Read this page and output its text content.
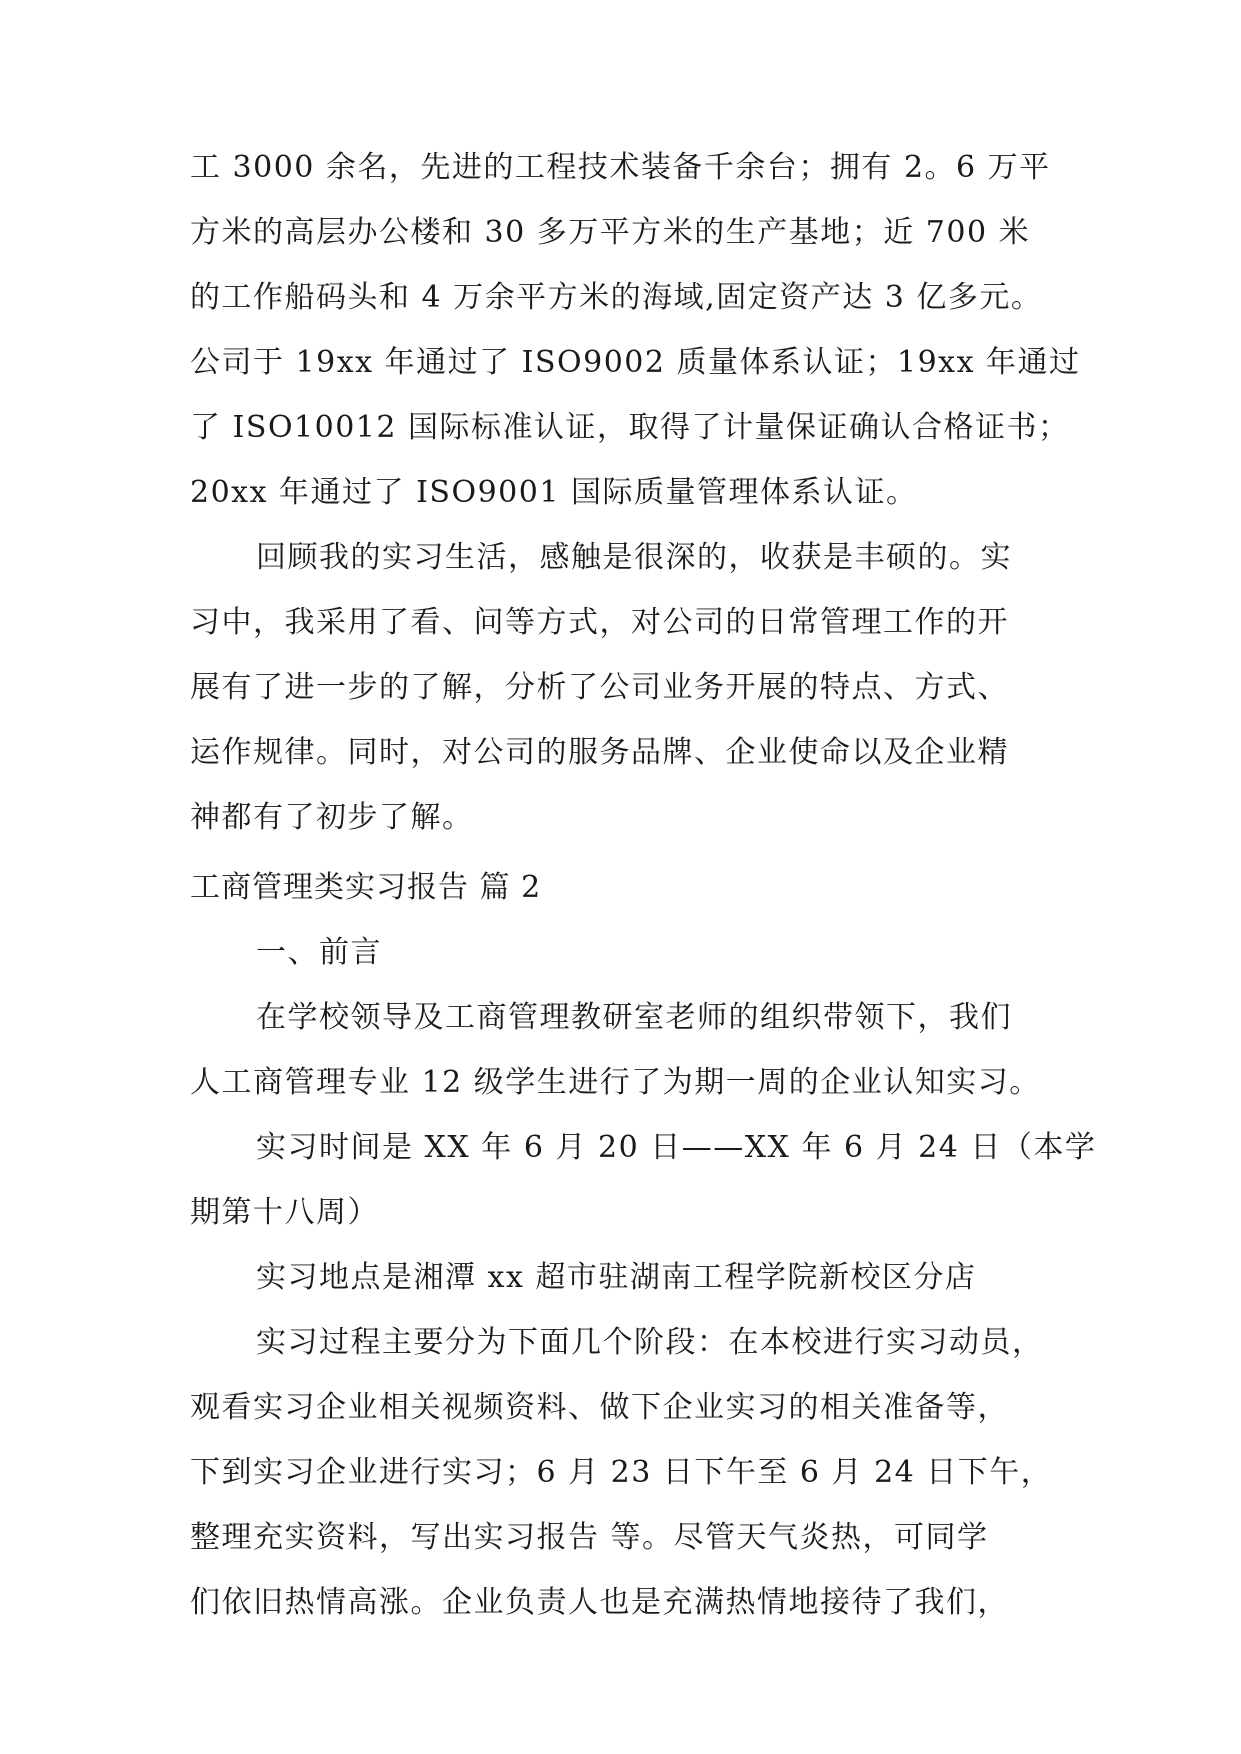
工 3000 余名，先进的工程技术装备千余台；拥有 2。6 万平
方米的高层办公楼和 30 多万平方米的生产基地；近 700 米
的工作船码头和 4 万余平方米的海域,固定资产达 3 亿多元。
公司于 19xx 年通过了 ISO9002 质量体系认证；19xx 年通过
了 ISO10012 国际标准认证，取得了计量保证确认合格证书；
20xx 年通过了 ISO9001 国际质量管理体系认证。
回顾我的实习生活，感触是很深的，收获是丰硕的。实
习中，我采用了看、问等方式，对公司的日常管理工作的开
展有了进一步的了解，分析了公司业务开展的特点、方式、
运作规律。同时，对公司的服务品牌、企业使命以及企业精
神都有了初步了解。
工商管理类实习报告 篇 2
一、前言
在学校领导及工商管理教研室老师的组织带领下，我们
人工商管理专业 12 级学生进行了为期一周的企业认知实习。
实习时间是 XX 年 6 月 20 日——XX 年 6 月 24 日（本学
期第十八周）
实习地点是湘潭 xx 超市驻湖南工程学院新校区分店
实习过程主要分为下面几个阶段：在本校进行实习动员，
观看实习企业相关视频资料、做下企业实习的相关准备等，
下到实习企业进行实习；6 月 23 日下午至 6 月 24 日下午，
整理充实资料，写出实习报告 等。尽管天气炎热，可同学
们依旧热情高涨。企业负责人也是充满热情地接待了我们，
